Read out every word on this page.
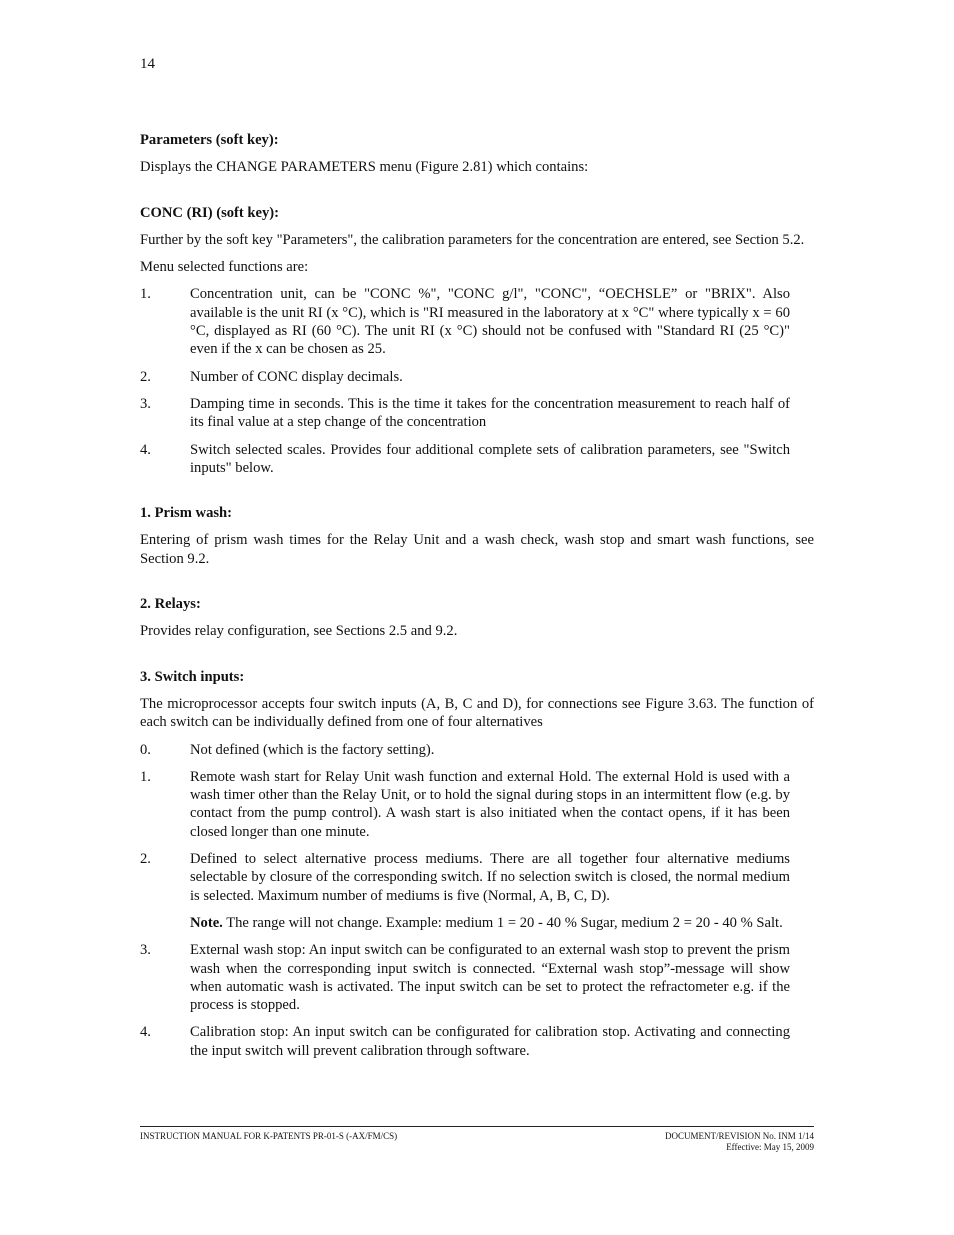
14
Parameters (soft key):

Displays the CHANGE PARAMETERS menu (Figure 2.81) which contains:

CONC (RI) (soft key):

Further by the soft key "Parameters", the calibration parameters for the concentration are entered, see Section 5.2.

Menu selected functions are:

1.	Concentration unit, can be "CONC %", "CONC g/l", "CONC", “OECHSLE” or "BRIX". Also available is the unit RI (x °C), which is "RI measured in the laboratory at x °C" where typically x = 60 °C, displayed as RI (60 °C). The unit RI (x °C) should not be confused with "Standard RI (25 °C)" even if the x can be chosen as 25.
2.	Number of CONC display decimals.
3.	Damping time in seconds. This is the time it takes for the concentration measurement to reach half of its final value at a step change of the concentration
4.	Switch selected scales. Provides four additional complete sets of calibration parameters, see "Switch inputs" below.
1. Prism wash:

Entering of prism wash times for the Relay Unit and a wash check, wash stop and smart wash functions, see Section 9.2.

2. Relays:

Provides relay configuration, see Sections 2.5 and 9.2.

3. Switch inputs:

The microprocessor accepts four switch inputs (A, B, C and D), for connections see Figure 3.63. The function of each switch can be individually defined from one of four alternatives

0.	Not defined (which is the factory setting).
1.	Remote wash start for Relay Unit wash function and external Hold. The external Hold is used with a wash timer other than the Relay Unit, or to hold the signal during stops in an intermittent flow (e.g. by contact from the pump control). A wash start is also initiated when the contact opens, if it has been closed longer than one minute.
2.	Defined to select alternative process mediums. There are all together four alternative mediums selectable by closure of the corresponding switch. If no selection switch is closed, the normal medium is selected. Maximum number of mediums is five (Normal, A, B, C, D).
Note. The range will not change. Example: medium 1 = 20 - 40 % Sugar, medium 2 = 20 - 40 % Salt.
3.	External wash stop: An input switch can be configurated to an external wash stop to prevent the prism wash when the corresponding input switch is connected. “External wash stop”-message will show when automatic wash is activated. The input switch can be set to protect the refractometer e.g. if the process is stopped.
4.	Calibration stop: An input switch can be configurated for calibration stop. Activating and connecting the input switch will prevent calibration through software.
INSTRUCTION MANUAL FOR K-PATENTS PR-01-S (-AX/FM/CS)	DOCUMENT/REVISION No. INM 1/14
Effective: May 15, 2009
